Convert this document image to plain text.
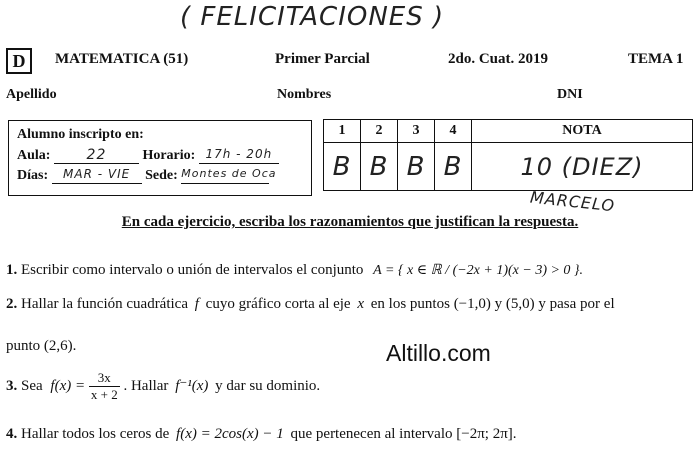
( FELICITACIONES )
D	MATEMATICA (51)	Primer Parcial	2do. Cuat. 2019	TEMA 1
Apellido	Nombres	DNI
Alumno inscripto en:
Aula:	22	Horario: 17h - 20h
Días: MAR - VIE Sede: Montes de Oca
1	2	3	4	NOTA
B	B	B	B	10 (DIEZ)
MARCELO
En cada ejercicio, escriba los razonamientos que justifican la respuesta.
1. Escribir como intervalo o unión de intervalos el conjunto A = { x ∈ ℝ / (−2x + 1)(x − 3) > 0 }.
2. Hallar la función cuadrática f cuyo gráfico corta al eje x en los puntos (−1,0) y (5,0) y pasa por el
punto (2,6).	Altillo.com
3. Sea $f(x) = \frac{3x}{x + 2}$ . Hallar f⁻¹(x) y dar su dominio.
4. Hallar todos los ceros de f(x) = 2cos(x) − 1 que pertenecen al intervalo [−2π; 2π].
